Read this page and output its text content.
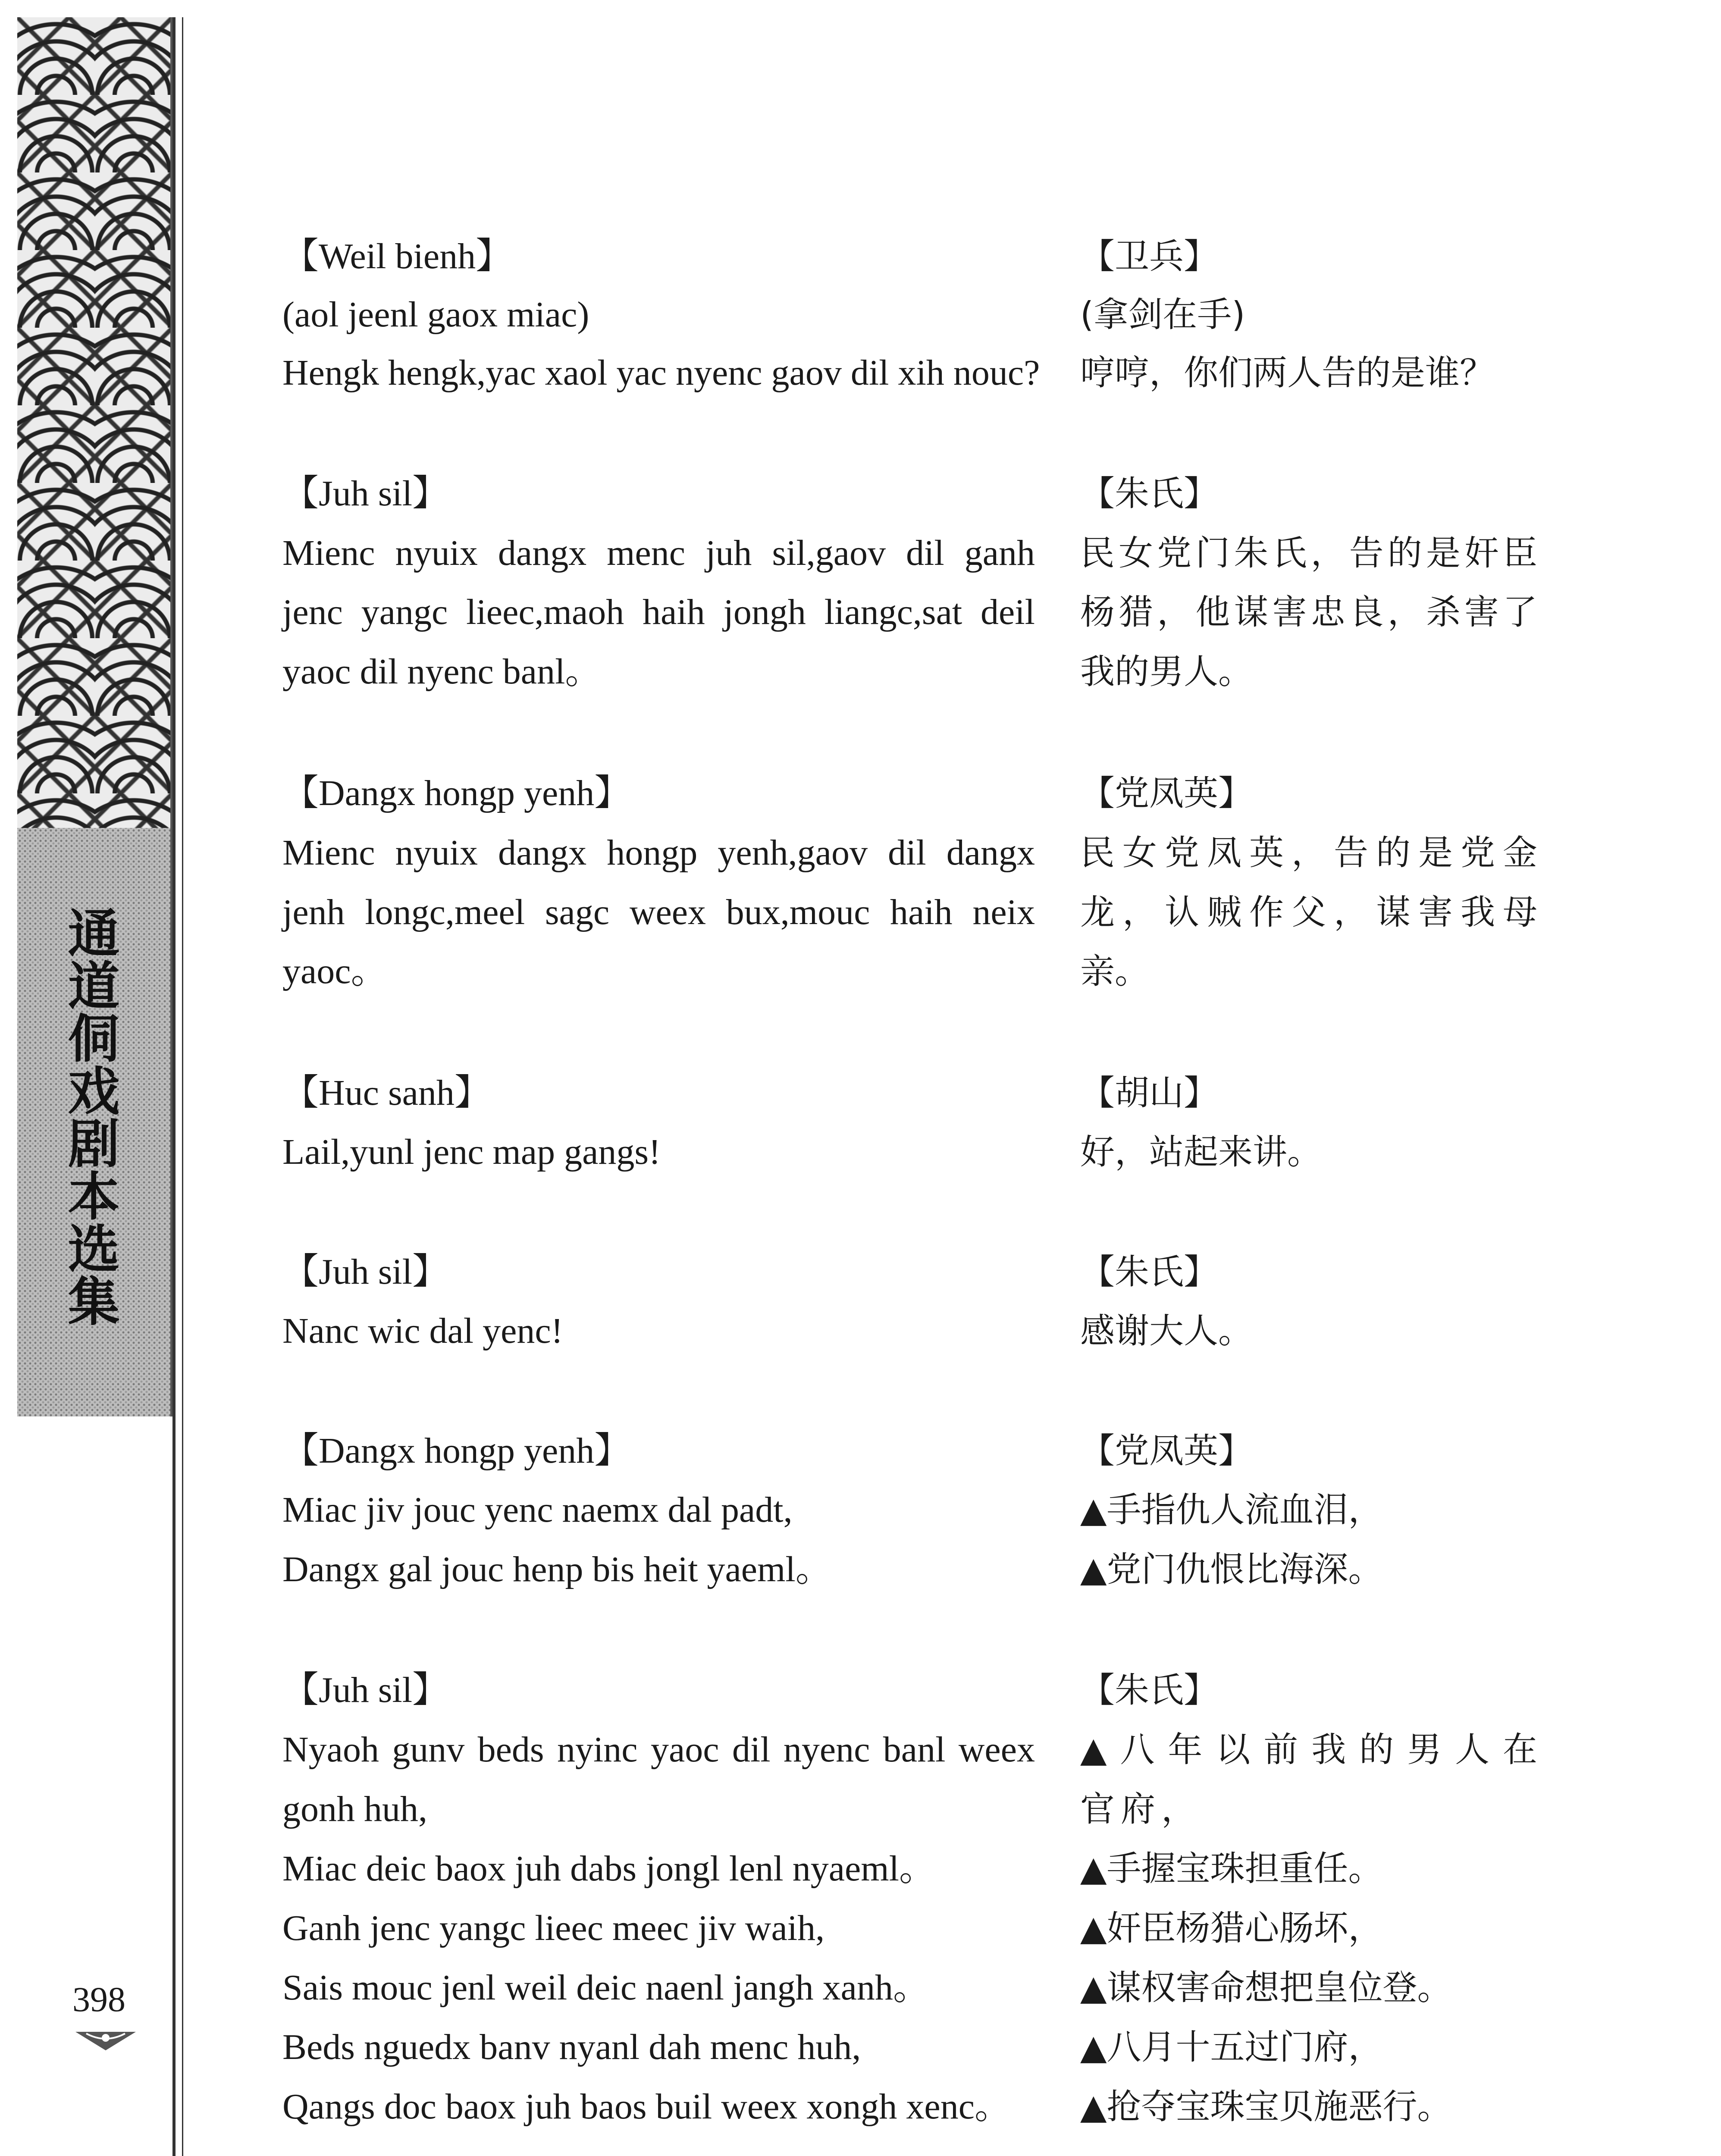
通
道
侗
戏
剧
本
选
集
398
【Weil bienh】
(aol jeenl gaox miac)
Hengk hengk,yac xaol yac nyenc gaov dil xih nouc?
【卫兵】
(拿剑在手)
哼哼，你们两人告的是谁？
【Juh sil】
Mienc nyuix dangx menc juh sil,gaov dil ganh
jenc yangc lieec,maoh haih jongh liangc,sat deil
yaoc dil nyenc banl。
【朱氏】
民女党门朱氏，告的是奸臣
杨猎，他谋害忠良，杀害了
我的男人。
【Dangx hongp yenh】
Mienc nyuix dangx hongp yenh,gaov dil dangx
jenh longc,meel sagc weex bux,mouc haih neix
yaoc。
【党凤英】
民女党凤英，告的是党金
龙，认贼作父，谋害我母
亲。
【Huc sanh】
Lail,yunl jenc map gangs!
【胡山】
好，站起来讲。
【Juh sil】
Nanc wic dal yenc!
【朱氏】
感谢大人。
【Dangx hongp yenh】
Miac jiv jouc yenc naemx dal padt,
Dangx gal jouc henp bis heit yaeml。
【党凤英】
▲手指仇人流血泪，
▲党门仇恨比海深。
【Juh sil】
Nyaoh gunv beds nyinc yaoc dil nyenc banl weex
gonh huh,
Miac deic baox juh dabs jongl lenl nyaeml。
Ganh jenc yangc lieec meec jiv waih,
Sais mouc jenl weil deic naenl jangh xanh。
Beds nguedx banv nyanl dah menc huh,
Qangs doc baox juh baos buil weex xongh xenc。
【朱氏】
▲八年以前我的男人在
官府，
▲手握宝珠担重任。
▲奸臣杨猎心肠坏，
▲谋权害命想把皇位登。
▲八月十五过门府，
▲抢夺宝珠宝贝施恶行。
